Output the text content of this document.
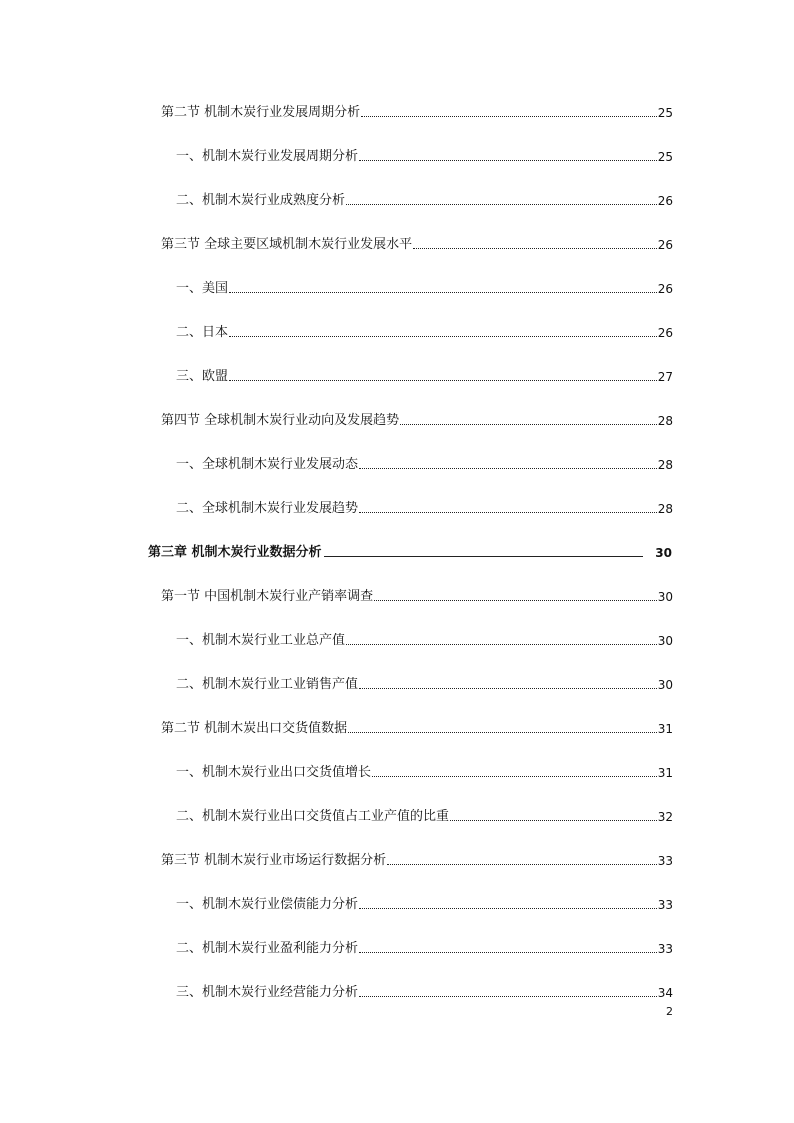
第二节 机制木炭行业发展周期分析	25
一、机制木炭行业发展周期分析	25
二、机制木炭行业成熟度分析	26
第三节 全球主要区域机制木炭行业发展水平	26
一、美国	26
二、日本	26
三、欧盟	27
第四节 全球机制木炭行业动向及发展趋势	28
一、全球机制木炭行业发展动态	28
二、全球机制木炭行业发展趋势	28
第三章 机制木炭行业数据分析	30
第一节 中国机制木炭行业产销率调查	30
一、机制木炭行业工业总产值	30
二、机制木炭行业工业销售产值	30
第二节 机制木炭出口交货值数据	31
一、机制木炭行业出口交货值增长	31
二、机制木炭行业出口交货值占工业产值的比重	32
第三节 机制木炭行业市场运行数据分析	33
一、机制木炭行业偿债能力分析	33
二、机制木炭行业盈利能力分析	33
三、机制木炭行业经营能力分析	34
2
